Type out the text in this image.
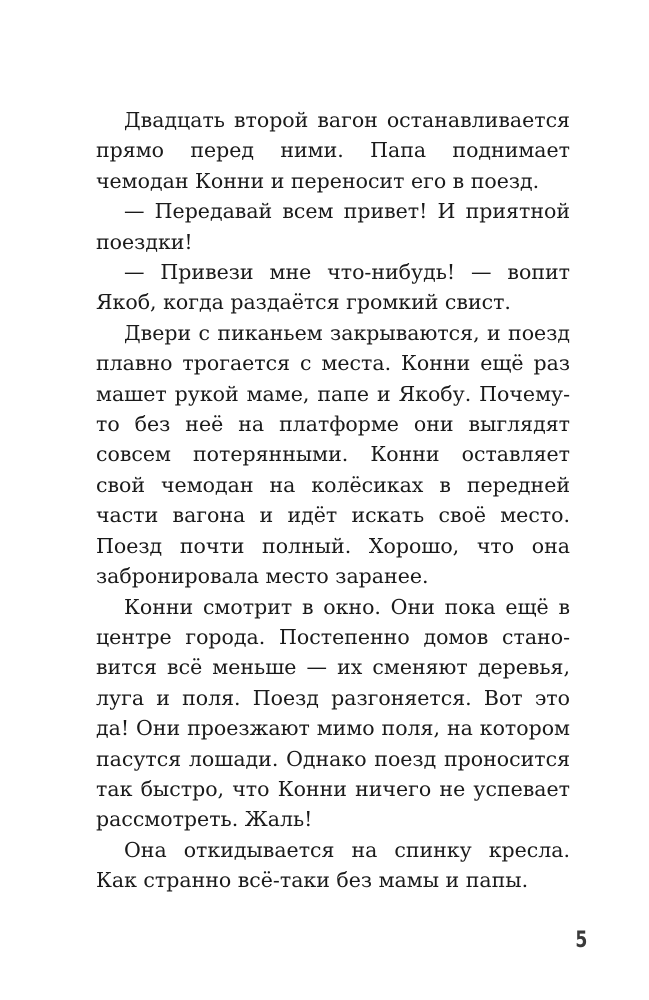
Двадцать второй вагон останавливается прямо перед ними. Папа поднимает чемодан Конни и переносит его в поезд.

— Передавай всем привет! И приятной поездки!

— Привези мне что-нибудь! — вопит Якоб, когда раздаётся громкий свист.

Двери с пиканьем закрываются, и поезд плавно трогается с места. Конни ещё раз машет рукой маме, папе и Якобу. Почему-то без неё на платформе они выглядят совсем потерянными. Конни оставляет свой чемодан на колёсиках в передней части вагона и идёт искать своё место. Поезд почти полный. Хорошо, что она забронировала место заранее.

Конни смотрит в окно. Они пока ещё в центре города. Постепенно домов становится всё меньше — их сменяют деревья, луга и поля. Поезд разгоняется. Вот это да! Они проезжают мимо поля, на котором пасутся лошади. Однако поезд проносится так быстро, что Конни ничего не успевает рассмотреть. Жаль!

Она откидывается на спинку кресла. Как странно всё-таки без мамы и папы.

5
